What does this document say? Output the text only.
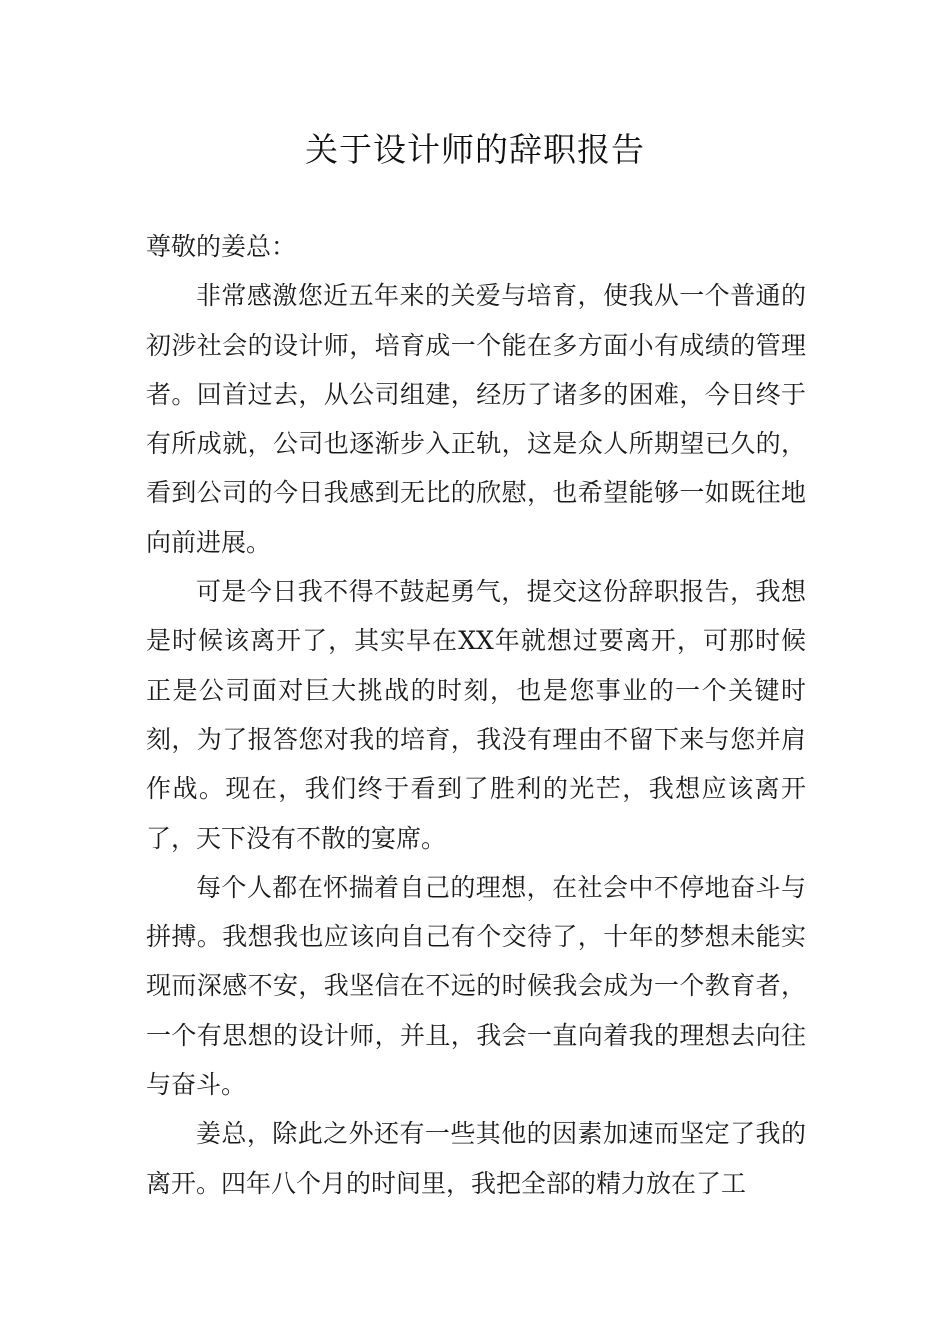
关于设计师的辞职报告

尊敬的姜总：

非常感激您近五年来的关爱与培育，使我从一个普通的初涉社会的设计师，培育成一个能在多方面小有成绩的管理者。回首过去，从公司组建，经历了诸多的困难，今日终于有所成就，公司也逐渐步入正轨，这是众人所期望已久的，看到公司的今日我感到无比的欣慰，也希望能够一如既往地向前进展。

可是今日我不得不鼓起勇气，提交这份辞职报告，我想是时候该离开了，其实早在XX年就想过要离开，可那时候正是公司面对巨大挑战的时刻，也是您事业的一个关键时刻，为了报答您对我的培育，我没有理由不留下来与您并肩作战。现在，我们终于看到了胜利的光芒，我想应该离开了，天下没有不散的宴席。

每个人都在怀揣着自己的理想，在社会中不停地奋斗与拼搏。我想我也应该向自己有个交待了，十年的梦想未能实现而深感不安，我坚信在不远的时候我会成为一个教育者，一个有思想的设计师，并且，我会一直向着我的理想去向往与奋斗。

姜总，除此之外还有一些其他的因素加速而坚定了我的离开。四年八个月的时间里，我把全部的精力放在了工
